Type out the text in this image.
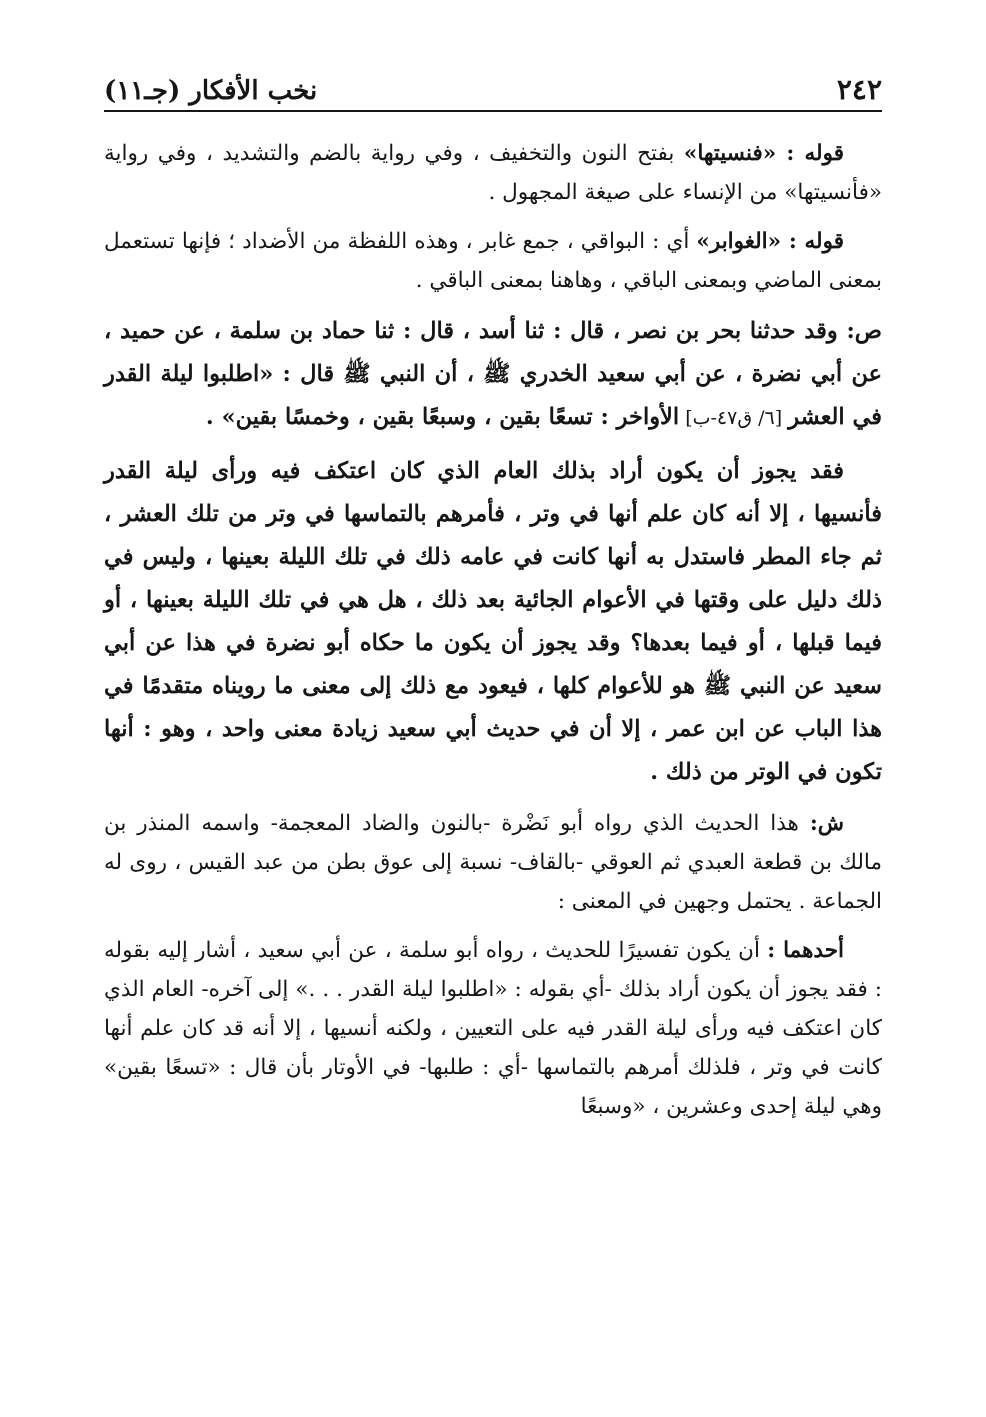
٢٤٢
نخب الأفكار (جـ١١)

قوله : «فنسيتها» بفتح النون والتخفيف ، وفي رواية بالضم والتشديد ، وفي رواية «فأنسيتها» من الإنساء على صيغة المجهول .

قوله : «الغوابر» أي : البواقي ، جمع غابر ، وهذه اللفظة من الأضداد ؛ فإنها تستعمل بمعنى الماضي وبمعنى الباقي ، وهاهنا بمعنى الباقي .

ص: وقد حدثنا بحر بن نصر ، قال : ثنا أسد ، قال : ثنا حماد بن سلمة ، عن حميد ، عن أبي نضرة ، عن أبي سعيد الخدري ﷺ ، أن النبي ﷺ قال : «اطلبوا ليلة القدر في العشر [٦/ ق٤٧-ب] الأواخر : تسعًا بقين ، وسبعًا بقين ، وخمسًا بقين» .

فقد يجوز أن يكون أراد بذلك العام الذي كان اعتكف فيه ورأى ليلة القدر فأنسيها ، إلا أنه كان علم أنها في وتر ، فأمرهم بالتماسها في وتر من تلك العشر ، ثم جاء المطر فاستدل به أنها كانت في عامه ذلك في تلك الليلة بعينها ، وليس في ذلك دليل على وقتها في الأعوام الجائية بعد ذلك ، هل هي في تلك الليلة بعينها ، أو فيما قبلها ، أو فيما بعدها؟ وقد يجوز أن يكون ما حكاه أبو نضرة في هذا عن أبي سعيد عن النبي ﷺ هو للأعوام كلها ، فيعود مع ذلك إلى معنى ما رويناه متقدمًا في هذا الباب عن ابن عمر ، إلا أن في حديث أبي سعيد زيادة معنى واحد ، وهو : أنها تكون في الوتر من ذلك .

ش: هذا الحديث الذي رواه أبو نَضْرة -بالنون والضاد المعجمة- واسمه المنذر بن مالك بن قطعة العبدي ثم العوقي -بالقاف- نسبة إلى عوق بطن من عبد القيس ، روى له الجماعة . يحتمل وجهين في المعنى :

أحدهما : أن يكون تفسيرًا للحديث ، رواه أبو سلمة ، عن أبي سعيد ، أشار إليه بقوله : فقد يجوز أن يكون أراد بذلك -أي بقوله : «اطلبوا ليلة القدر . . .» إلى آخره- العام الذي كان اعتكف فيه ورأى ليلة القدر فيه على التعيين ، ولكنه أنسيها ، إلا أنه قد كان علم أنها كانت في وتر ، فلذلك أمرهم بالتماسها -أي : طلبها- في الأوتار بأن قال : «تسعًا بقين» وهي ليلة إحدى وعشرين ، «وسبعًا
